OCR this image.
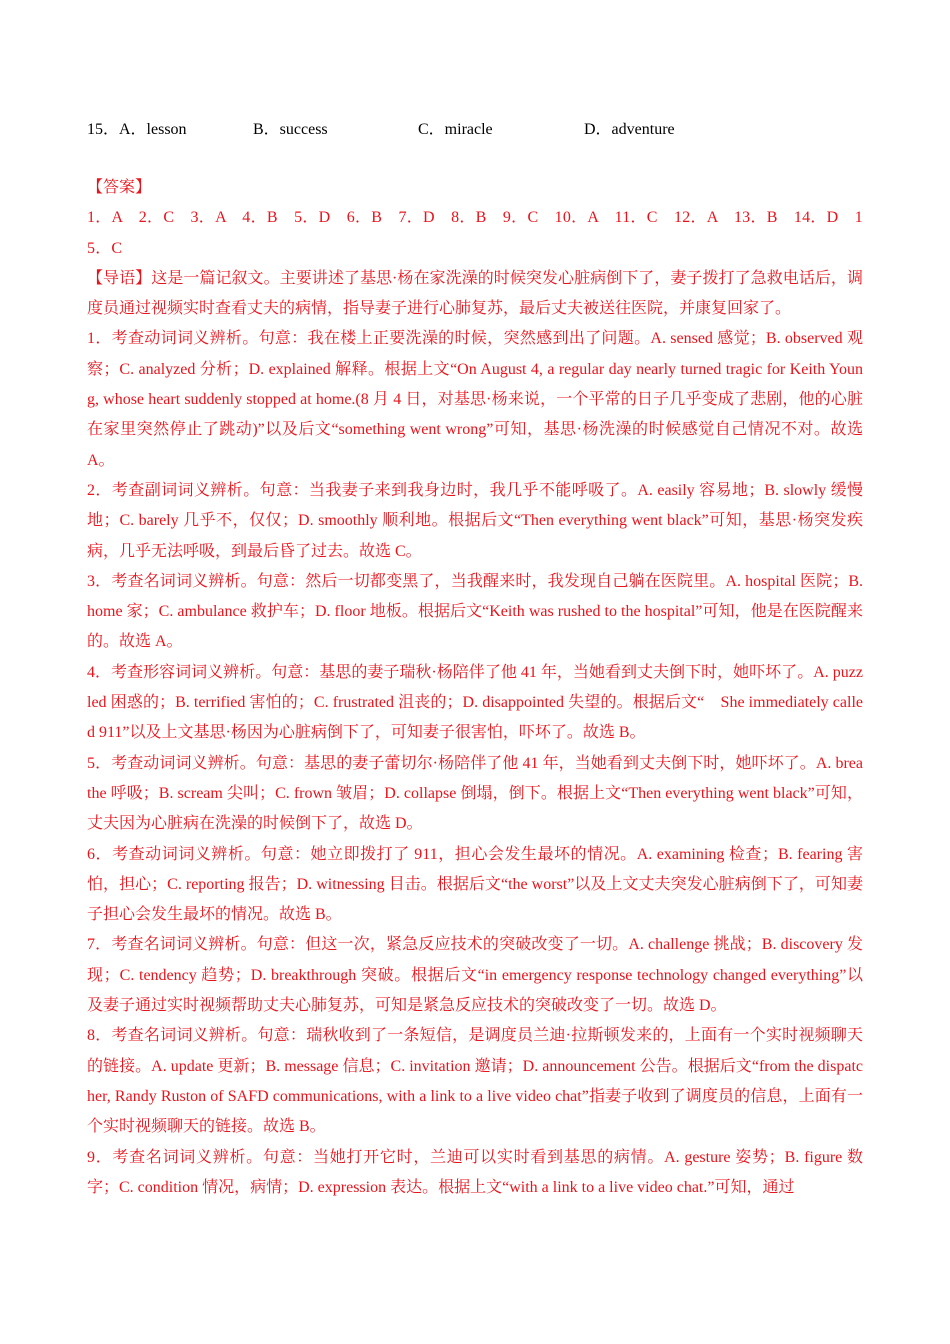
15．A．lesson	B．success	C．miracle	D．adventure

【答案】

1．A　2．C　3．A　4．B　5．D　6．B　7．D　8．B　9．C　10．A　11．C　12．A　13．B　14．D　15．C

【导语】这是一篇记叙文。主要讲述了基思·杨在家洗澡的时候突发心脏病倒下了，妻子拨打了急救电话后，调度员通过视频实时查看丈夫的病情，指导妻子进行心肺复苏，最后丈夫被送往医院，并康复回家了。

1．考查动词词义辨析。句意：我在楼上正要洗澡的时候，突然感到出了问题。A. sensed 感觉；B. observed 观察；C. analyzed 分析；D. explained 解释。根据上文“On August 4, a regular day nearly turned tragic for Keith Young, whose heart suddenly stopped at home.(8 月 4 日，对基思·杨来说，一个平常的日子几乎变成了悲剧，他的心脏在家里突然停止了跳动)”以及后文“something went wrong”可知，基思·杨洗澡的时候感觉自己情况不对。故选 A。

2．考查副词词义辨析。句意：当我妻子来到我身边时，我几乎不能呼吸了。A. easily 容易地；B. slowly 缓慢地；C. barely 几乎不，仅仅；D. smoothly 顺利地。根据后文“Then everything went black”可知，基思·杨突发疾病，几乎无法呼吸，到最后昏了过去。故选 C。

3．考查名词词义辨析。句意：然后一切都变黑了，当我醒来时，我发现自己躺在医院里。A. hospital 医院；B. home 家；C. ambulance 救护车；D. floor 地板。根据后文“Keith was rushed to the hospital”可知，他是在医院醒来的。故选 A。

4．考查形容词词义辨析。句意：基思的妻子瑞秋·杨陪伴了他 41 年，当她看到丈夫倒下时，她吓坏了。A. puzzled 困惑的；B. terrified 害怕的；C. frustrated 沮丧的；D. disappointed 失望的。根据后文“　She immediately called 911”以及上文基思·杨因为心脏病倒下了，可知妻子很害怕，吓坏了。故选 B。

5．考查动词词义辨析。句意：基思的妻子蕾切尔·杨陪伴了他 41 年，当她看到丈夫倒下时，她吓坏了。A. breathe 呼吸；B. scream 尖叫；C. frown 皱眉；D. collapse 倒塌，倒下。根据上文“Then everything went black”可知，丈夫因为心脏病在洗澡的时候倒下了，故选 D。

6．考查动词词义辨析。句意：她立即拨打了 911，担心会发生最坏的情况。A. examining 检查；B. fearing 害怕，担心；C. reporting 报告；D. witnessing 目击。根据后文“the worst”以及上文丈夫突发心脏病倒下了，可知妻子担心会发生最坏的情况。故选 B。

7．考查名词词义辨析。句意：但这一次，紧急反应技术的突破改变了一切。A. challenge 挑战；B. discovery 发现；C. tendency 趋势；D. breakthrough 突破。根据后文“in emergency response technology changed everything”以及妻子通过实时视频帮助丈夫心肺复苏，可知是紧急反应技术的突破改变了一切。故选 D。

8．考查名词词义辨析。句意：瑞秋收到了一条短信，是调度员兰迪·拉斯顿发来的，上面有一个实时视频聊天的链接。A. update 更新；B. message 信息；C. invitation 邀请；D. announcement 公告。根据后文“from the dispatcher, Randy Ruston of SAFD communications, with a link to a live video chat”指妻子收到了调度员的信息，上面有一个实时视频聊天的链接。故选 B。

9．考查名词词义辨析。句意：当她打开它时，兰迪可以实时看到基思的病情。A. gesture 姿势；B. figure 数字；C. condition 情况，病情；D. expression 表达。根据上文“with a link to a live video chat.”可知，通过
